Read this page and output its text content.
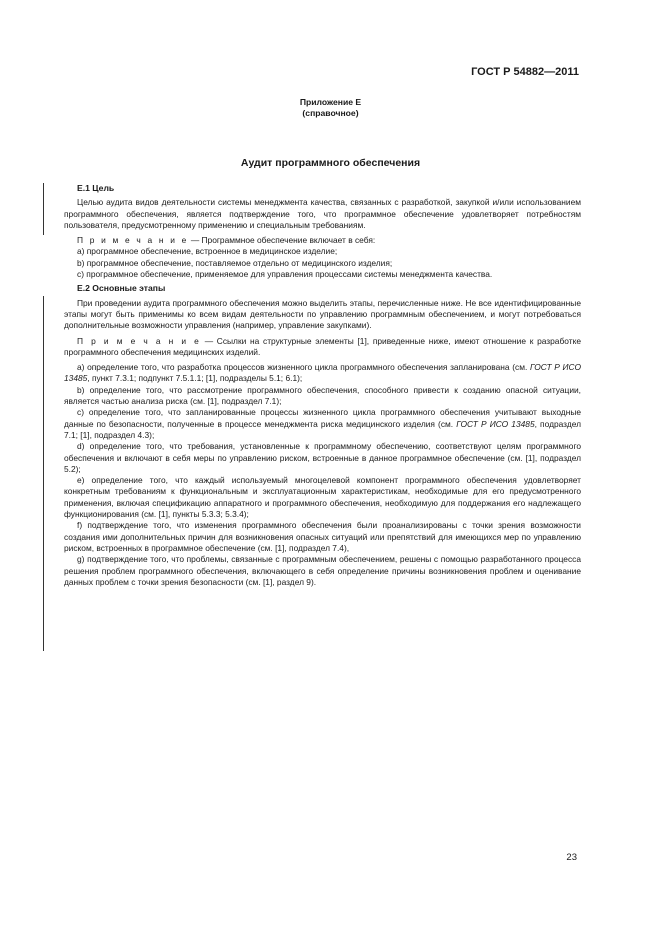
ГОСТ Р 54882—2011
Приложение Е
(справочное)
Аудит программного обеспечения
Е.1 Цель

Целью аудита видов деятельности системы менеджмента качества, связанных с разработкой, закупкой и/или использованием программного обеспечения, является подтверждение того, что программное обеспечение удовлетворяет потребностям пользователя, предусмотренному применению и специальным требованиям.

П р и м е ч а н и е — Программное обеспечение включает в себя:

a) программное обеспечение, встроенное в медицинское изделие;

b) программное обеспечение, поставляемое отдельно от медицинского изделия;

c) программное обеспечение, применяемое для управления процессами системы менеджмента качества.

Е.2 Основные этапы

При проведении аудита программного обеспечения можно выделить этапы, перечисленные ниже. Не все идентифицированные этапы могут быть применимы ко всем видам деятельности по управлению программным обеспечением, и могут потребоваться дополнительные возможности управления (например, управление закупками).

П р и м е ч а н и е — Ссылки на структурные элементы [1], приведенные ниже, имеют отношение к разработке программного обеспечения медицинских изделий.

а) определение того, что разработка процессов жизненного цикла программного обеспечения запланирована (см. ГОСТ Р ИСО 13485, пункт 7.3.1; подпункт 7.5.1.1; [1], подразделы 5.1; 6.1);

b) определение того, что рассмотрение программного обеспечения, способного привести к созданию опасной ситуации, является частью анализа риска (см. [1], подраздел 7.1);

с) определение того, что запланированные процессы жизненного цикла программного обеспечения учитывают выходные данные по безопасности, полученные в процессе менеджмента риска медицинского изделия (см. ГОСТ Р ИСО 13485, подраздел 7.1; [1], подраздел 4.3);

d) определение того, что требования, установленные к программному обеспечению, соответствуют целям программного обеспечения и включают в себя меры по управлению риском, встроенные в данное программное обеспечение (см. [1], подраздел 5.2);

е) определение того, что каждый используемый многоцелевой компонент программного обеспечения удовлетворяет конкретным требованиям к функциональным и эксплуатационным характеристикам, необходимые для его предусмотренного применения, включая спецификацию аппаратного и программного обеспечения, необходимую для поддержания его надлежащего функционирования (см. [1], пункты 5.3.3; 5.3.4);

f) подтверждение того, что изменения программного обеспечения были проанализированы с точки зрения возможности создания ими дополнительных причин для возникновения опасных ситуаций или препятствий для имеющихся мер по управлению риском, встроенных в программное обеспечение (см. [1], подраздел 7.4),

g) подтверждение того, что проблемы, связанные с программным обеспечением, решены с помощью разработанного процесса решения проблем программного обеспечения, включающего в себя определение причины возникновения проблем и оценивание данных проблем с точки зрения безопасности (см. [1], раздел 9).

23
